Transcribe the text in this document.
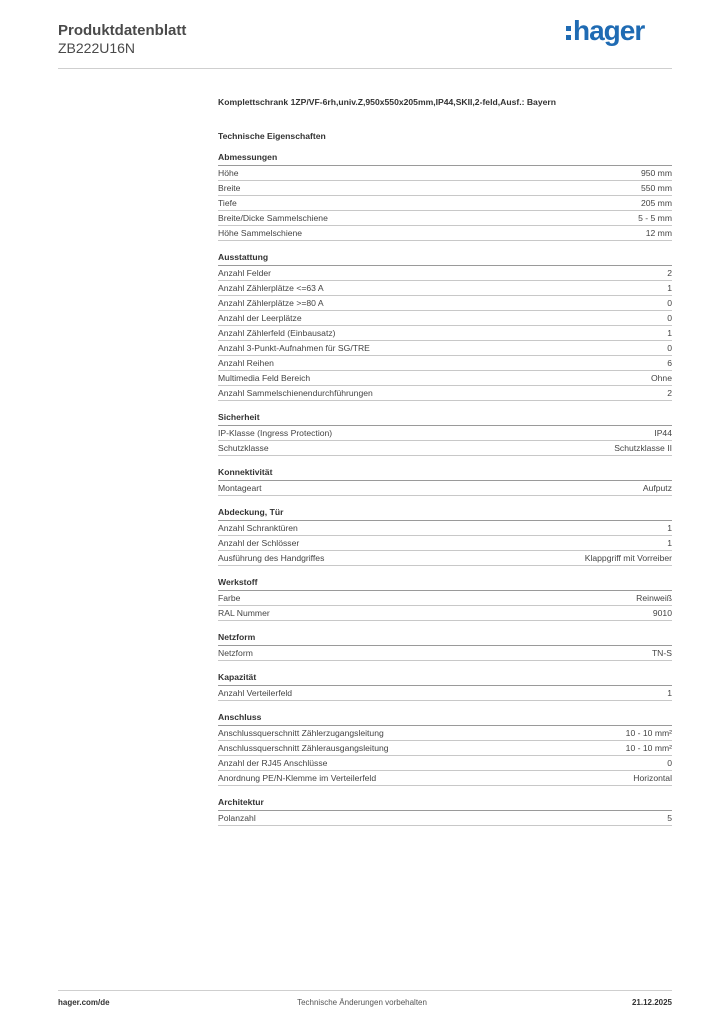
Produktdatenblatt
ZB222U16N
hager
Komplettschrank 1ZP/VF-6rh,univ.Z,950x550x205mm,IP44,SKII,2-feld,Ausf.: Bayern
Technische Eigenschaften
Abmessungen
Höhe	950 mm
Breite	550 mm
Tiefe	205 mm
Breite/Dicke Sammelschiene	5 - 5 mm
Höhe Sammelschiene	12 mm
Ausstattung
Anzahl Felder	2
Anzahl Zählerplätze <=63 A	1
Anzahl Zählerplätze >=80 A	0
Anzahl der Leerplätze	0
Anzahl Zählerfeld (Einbausatz)	1
Anzahl 3-Punkt-Aufnahmen für SG/TRE	0
Anzahl Reihen	6
Multimedia Feld Bereich	Ohne
Anzahl Sammelschienendurchführungen	2
Sicherheit
IP-Klasse (Ingress Protection)	IP44
Schutzklasse	Schutzklasse II
Konnektivität
Montageart	Aufputz
Abdeckung, Tür
Anzahl Schranktüren	1
Anzahl der Schlösser	1
Ausführung des Handgriffes	Klappgriff mit Vorreiber
Werkstoff
Farbe	Reinweiß
RAL Nummer	9010
Netzform
Netzform	TN-S
Kapazität
Anzahl Verteilerfeld	1
Anschluss
Anschlussquerschnitt Zählerzugangsleitung	10 - 10 mm²
Anschlussquerschnitt Zählerausgangsleitung	10 - 10 mm²
Anzahl der RJ45 Anschlüsse	0
Anordnung PE/N-Klemme im Verteilerfeld	Horizontal
Architektur
Polanzahl	5
hager.com/de	Technische Änderungen vorbehalten	21.12.2025
